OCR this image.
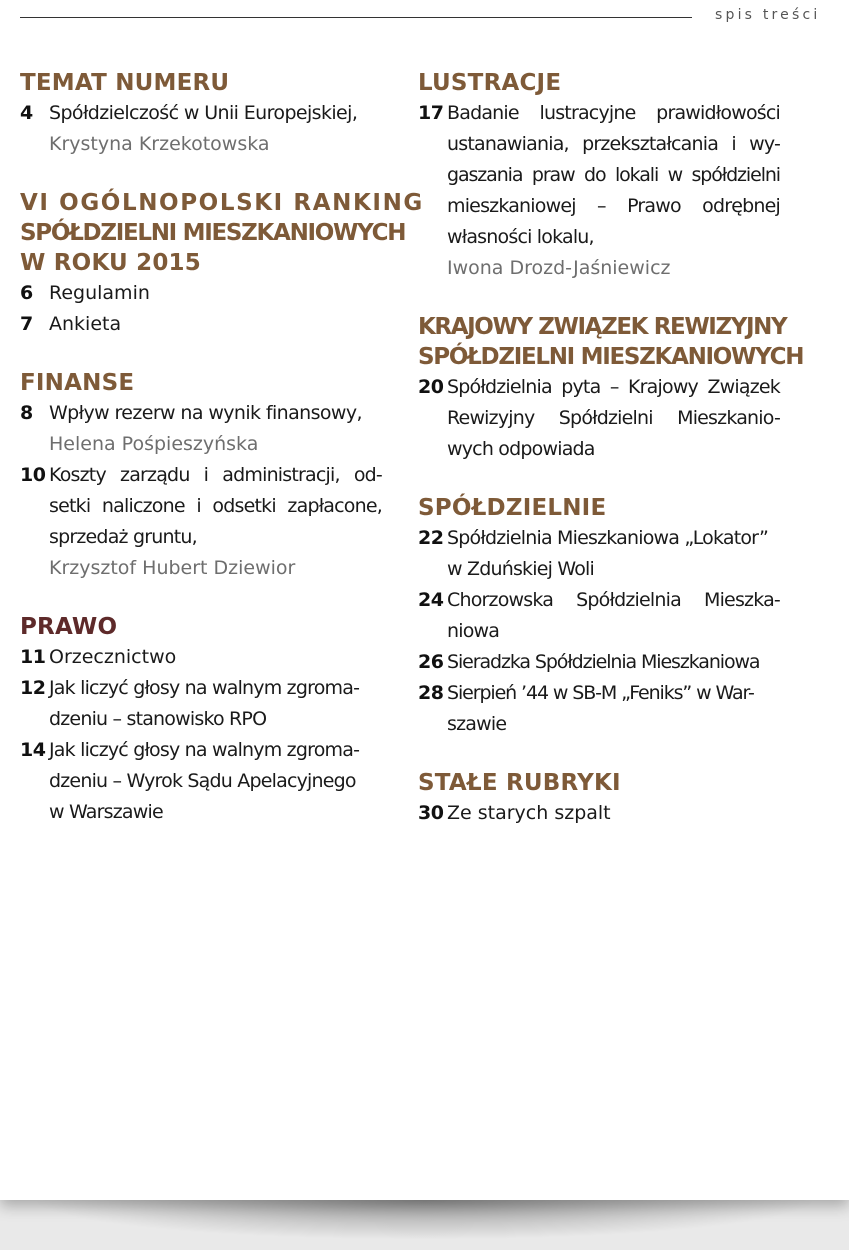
spis treści
TEMAT NUMERU
4 Spółdzielczość w Unii Europejskiej,
Krystyna Krzekotowska
VI OGÓLNOPOLSKI RANKING
SPÓŁDZIELNI MIESZKANIOWYCH
W ROKU 2015
6 Regulamin
7 Ankieta
FINANSE
8 Wpływ rezerw na wynik finansowy,
Helena Pośpieszyńska
10 Koszty zarządu i administracji, od-
setki naliczone i odsetki zapłacone,
sprzedaż gruntu,
Krzysztof Hubert Dziewior
PRAWO
11 Orzecznictwo
12 Jak liczyć głosy na walnym zgroma-
dzeniu – stanowisko RPO
14 Jak liczyć głosy na walnym zgroma-
dzeniu – Wyrok Sądu Apelacyjnego
w Warszawie
LUSTRACJE
17 Badanie lustracyjne prawidłowości
ustanawiania, przekształcania i wy-
gaszania praw do lokali w spółdzielni
mieszkaniowej – Prawo odrębnej
własności lokalu,
Iwona Drozd-Jaśniewicz
KRAJOWY ZWIĄZEK REWIZYJNY
SPÓŁDZIELNI MIESZKANIOWYCH
20 Spółdzielnia pyta – Krajowy Związek
Rewizyjny Spółdzielni Mieszkanio-
wych odpowiada
SPÓŁDZIELNIE
22 Spółdzielnia Mieszkaniowa „Lokator”
w Zduńskiej Woli
24 Chorzowska Spółdzielnia Mieszka-
niowa
26 Sieradzka Spółdzielnia Mieszkaniowa
28 Sierpień ’44 w SB-M „Feniks” w War-
szawie
STAŁE RUBRYKI
30 Ze starych szpalt
